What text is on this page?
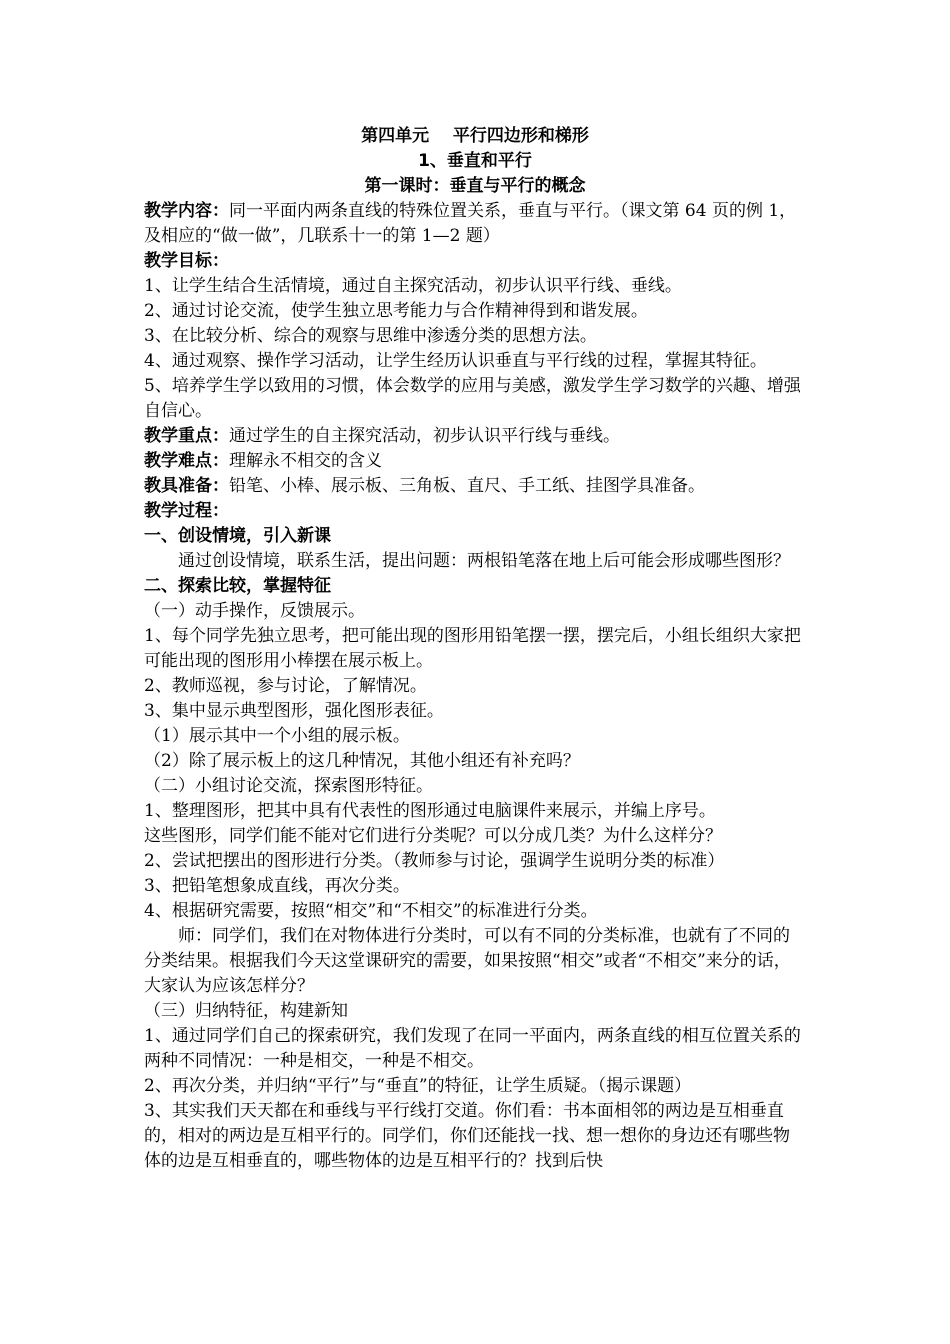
第四单元    平行四边形和梯形
1、垂直和平行
第一课时：垂直与平行的概念

教学内容：同一平面内两条直线的特殊位置关系，垂直与平行。（课文第 64 页的例 1，及相应的“做一做”，几联系十一的第 1—2 题）

教学目标：

1、让学生结合生活情境，通过自主探究活动，初步认识平行线、垂线。

2、通过讨论交流，使学生独立思考能力与合作精神得到和谐发展。

3、在比较分析、综合的观察与思维中渗透分类的思想方法。

4、通过观察、操作学习活动，让学生经历认识垂直与平行线的过程，掌握其特征。

5、培养学生学以致用的习惯，体会数学的应用与美感，激发学生学习数学的兴趣、增强自信心。

教学重点：通过学生的自主探究活动，初步认识平行线与垂线。

教学难点：理解永不相交的含义

教具准备：铅笔、小棒、展示板、三角板、直尺、手工纸、挂图学具准备。

教学过程：

一、创设情境，引入新课

通过创设情境，联系生活，提出问题：两根铅笔落在地上后可能会形成哪些图形？

二、探索比较，掌握特征

（一）动手操作，反馈展示。

1、每个同学先独立思考，把可能出现的图形用铅笔摆一摆，摆完后，小组长组织大家把可能出现的图形用小棒摆在展示板上。

2、教师巡视，参与讨论，了解情况。

3、集中显示典型图形，强化图形表征。

（1）展示其中一个小组的展示板。

（2）除了展示板上的这几种情况，其他小组还有补充吗？

（二）小组讨论交流，探索图形特征。

1、整理图形，把其中具有代表性的图形通过电脑课件来展示，并编上序号。

这些图形，同学们能不能对它们进行分类呢？可以分成几类？为什么这样分？

2、尝试把摆出的图形进行分类。（教师参与讨论，强调学生说明分类的标准）

3、把铅笔想象成直线，再次分类。

4、根据研究需要，按照“相交”和“不相交”的标准进行分类。

师：同学们，我们在对物体进行分类时，可以有不同的分类标准，也就有了不同的分类结果。根据我们今天这堂课研究的需要，如果按照“相交”或者“不相交”来分的话，大家认为应该怎样分？

（三）归纳特征，构建新知

1、通过同学们自己的探索研究，我们发现了在同一平面内，两条直线的相互位置关系的两种不同情况：一种是相交，一种是不相交。

2、再次分类，并归纳“平行”与“垂直”的特征，让学生质疑。（揭示课题）

3、其实我们天天都在和垂线与平行线打交道。你们看：书本面相邻的两边是互相垂直的，相对的两边是互相平行的。同学们，你们还能找一找、想一想你的身边还有哪些物体的边是互相垂直的，哪些物体的边是互相平行的？找到后快
